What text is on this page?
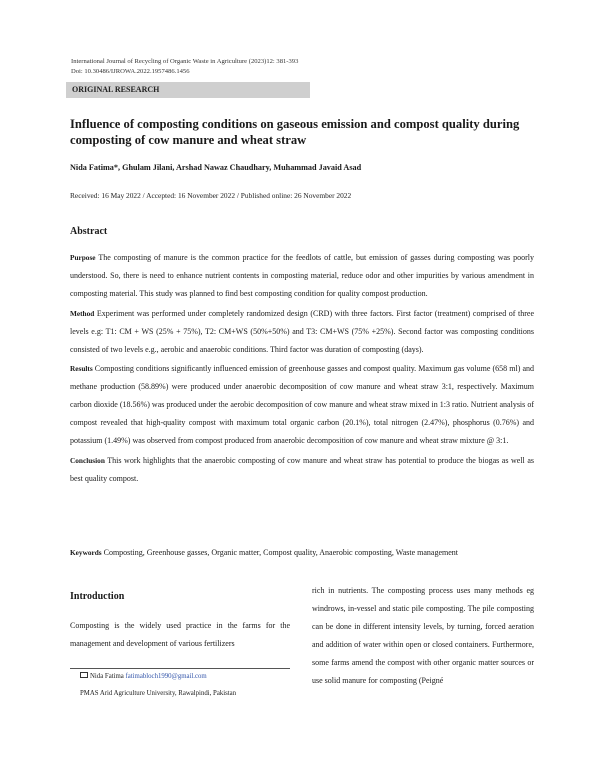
International Journal of Recycling of Organic Waste in Agriculture (2023)12: 381-393
Doi: 10.30486/IJROWA.2022.1957486.1456
ORIGINAL RESEARCH
Influence of composting conditions on gaseous emission and compost quality during composting of cow manure and wheat straw
Nida Fatima*, Ghulam Jilani, Arshad Nawaz Chaudhary, Muhammad Javaid Asad
Received: 16 May 2022 / Accepted: 16 November 2022 / Published online: 26 November 2022
Abstract

Purpose The composting of manure is the common practice for the feedlots of cattle, but emission of gasses during composting was poorly understood. So, there is need to enhance nutrient contents in composting material, reduce odor and other impurities by various amendment in composting material. This study was planned to find best composting condition for quality compost production.

Method Experiment was performed under completely randomized design (CRD) with three factors. First factor (treatment) comprised of three levels e.g: T1: CM + WS (25% + 75%), T2: CM+WS (50%+50%) and T3: CM+WS (75% +25%). Second factor was composting conditions consisted of two levels e.g., aerobic and anaerobic conditions. Third factor was duration of composting (days).

Results Composting conditions significantly influenced emission of greenhouse gasses and compost quality. Maximum gas volume (658 ml) and methane production (58.89%) were produced under anaerobic decomposition of cow manure and wheat straw 3:1, respectively. Maximum carbon dioxide (18.56%) was produced under the aerobic decomposition of cow manure and wheat straw mixed in 1:3 ratio. Nutrient analysis of compost revealed that high-quality compost with maximum total organic carbon (20.1%), total nitrogen (2.47%), phosphorus (0.76%) and potassium (1.49%) was observed from compost produced from anaerobic decomposition of cow manure and wheat straw mixture @ 3:1.

Conclusion This work highlights that the anaerobic composting of cow manure and wheat straw has potential to produce the biogas as well as best quality compost.

Keywords Composting, Greenhouse gasses, Organic matter, Compost quality, Anaerobic composting, Waste management
Introduction
Composting is the widely used practice in the farms for the management and development of various fertilizers
Nida Fatima fatimabloch1990@gmail.com
PMAS Arid Agriculture University, Rawalpindi, Pakistan
rich in nutrients. The composting process uses many methods eg windrows, in-vessel and static pile composting. The pile composting can be done in different intensity levels, by turning, forced aeration and addition of water within open or closed containers. Furthermore, some farms amend the compost with other organic matter sources or use solid manure for composting (Peigné
